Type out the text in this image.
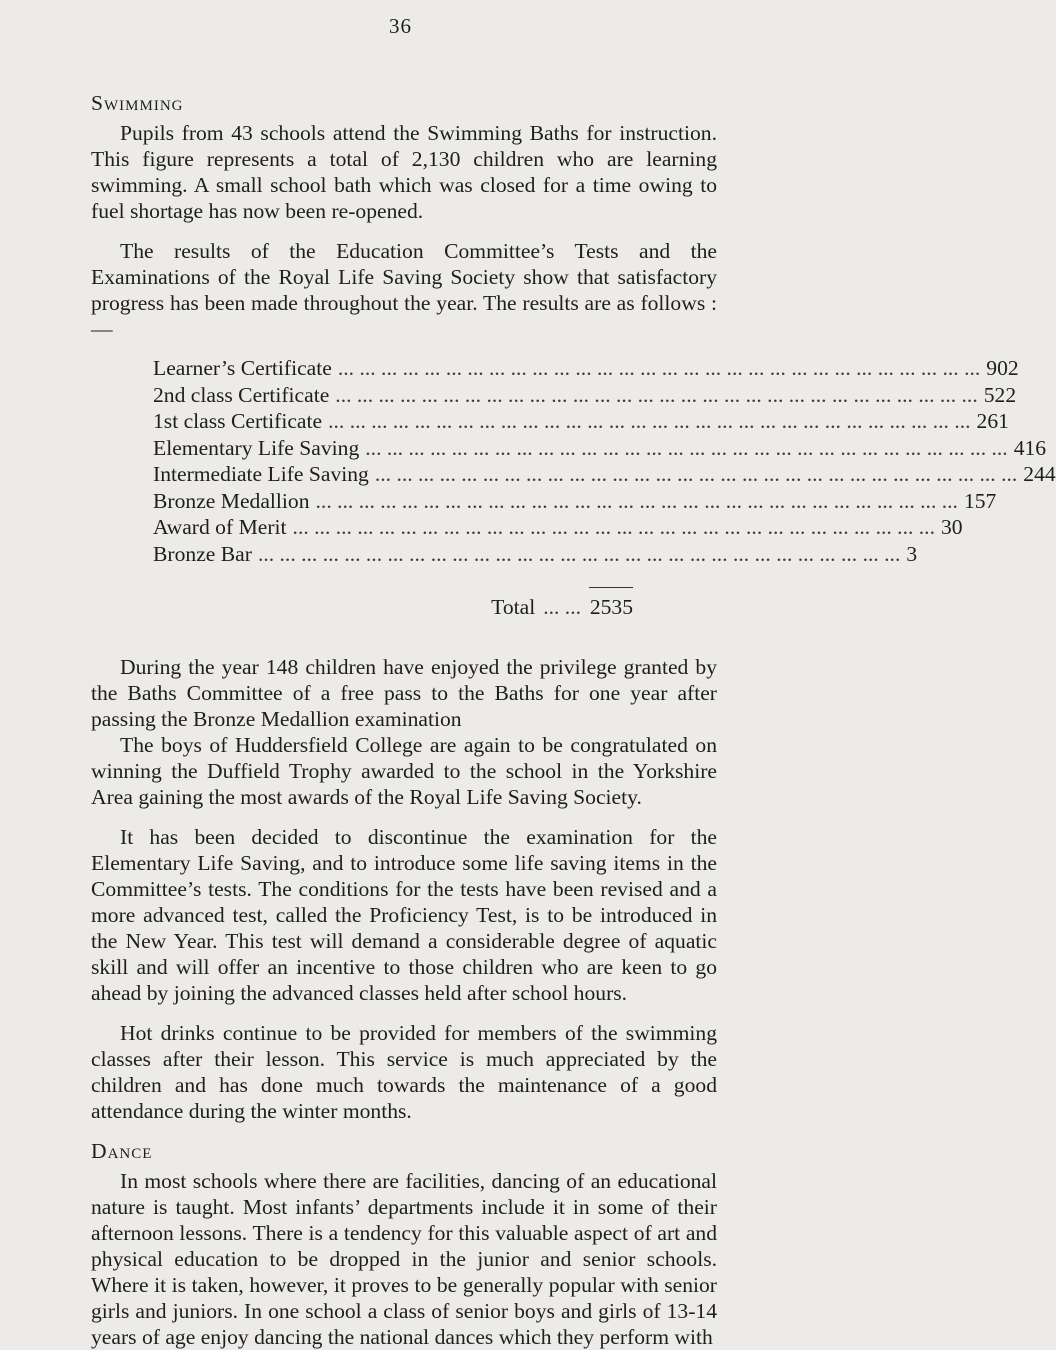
36
Swimming

Pupils from 43 schools attend the Swimming Baths for instruction. This figure represents a total of 2,130 children who are learning swimming. A small school bath which was closed for a time owing to fuel shortage has now been re-opened.

The results of the Education Committee’s Tests and the Examinations of the Royal Life Saving Society show that satisfactory progress has been made throughout the year. The results are as follows :—

Learner’s Certificate ... ... ... ... ... ... ... ... ... ... ... ... ... ... ... ... ... ... ... ... ... ... ... ... ... ... ... ... ... ... 902
2nd class Certificate ... ... ... ... ... ... ... ... ... ... ... ... ... ... ... ... ... ... ... ... ... ... ... ... ... ... ... ... ... ... 522
1st class Certificate ... ... ... ... ... ... ... ... ... ... ... ... ... ... ... ... ... ... ... ... ... ... ... ... ... ... ... ... ... ... 261
Elementary Life Saving ... ... ... ... ... ... ... ... ... ... ... ... ... ... ... ... ... ... ... ... ... ... ... ... ... ... ... ... ... ... 416
Intermediate Life Saving ... ... ... ... ... ... ... ... ... ... ... ... ... ... ... ... ... ... ... ... ... ... ... ... ... ... ... ... ... ... 244
Bronze Medallion ... ... ... ... ... ... ... ... ... ... ... ... ... ... ... ... ... ... ... ... ... ... ... ... ... ... ... ... ... ... 157
Award of Merit ... ... ... ... ... ... ... ... ... ... ... ... ... ... ... ... ... ... ... ... ... ... ... ... ... ... ... ... ... ... 30
Bronze Bar ... ... ... ... ... ... ... ... ... ... ... ... ... ... ... ... ... ... ... ... ... ... ... ... ... ... ... ... ... ... 3
Total ... ... 2535

During the year 148 children have enjoyed the privilege granted by the Baths Committee of a free pass to the Baths for one year after passing the Bronze Medallion examination

The boys of Huddersfield College are again to be congratulated on winning the Duffield Trophy awarded to the school in the Yorkshire Area gaining the most awards of the Royal Life Saving Society.

It has been decided to discontinue the examination for the Elementary Life Saving, and to introduce some life saving items in the Committee’s tests. The conditions for the tests have been revised and a more advanced test, called the Proficiency Test, is to be introduced in the New Year. This test will demand a considerable degree of aquatic skill and will offer an incentive to those children who are keen to go ahead by joining the advanced classes held after school hours.

Hot drinks continue to be provided for members of the swimming classes after their lesson. This service is much appreciated by the children and has done much towards the maintenance of a good attendance during the winter months.

Dance

In most schools where there are facilities, dancing of an educational nature is taught. Most infants’ departments include it in some of their afternoon lessons. There is a tendency for this valuable aspect of art and physical education to be dropped in the junior and senior schools. Where it is taken, however, it proves to be generally popular with senior girls and juniors. In one school a class of senior boys and girls of 13-14 years of age enjoy dancing the national dances which they perform with
